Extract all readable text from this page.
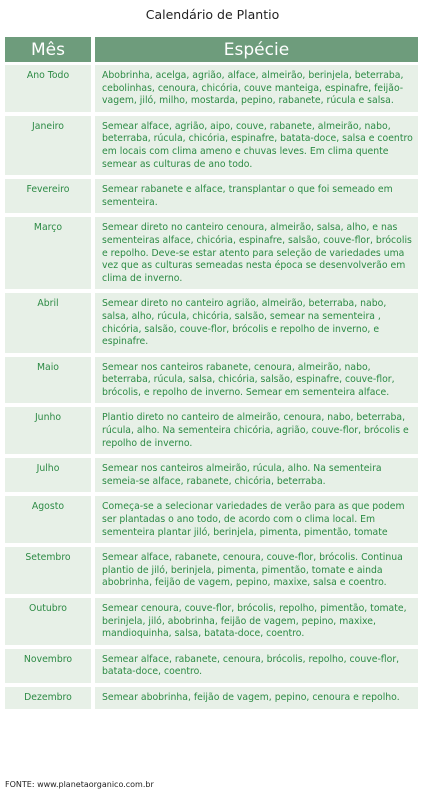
Calendário de Plantio
Mês	Espécie
Ano Todo	Abobrinha, acelga, agrião, alface, almeirão, berinjela, beterraba, cebolinhas, cenoura, chicória, couve manteiga, espinafre, feijão-vagem, jiló, milho, mostarda, pepino, rabanete, rúcula e salsa.
Janeiro	Semear alface, agrião, aipo, couve, rabanete, almeirão, nabo, beterraba, rúcula, chicória, espinafre, batata-doce, salsa e coentro em locais com clima ameno e chuvas leves. Em clima quente semear as culturas de ano todo.
Fevereiro	Semear rabanete e alface, transplantar o que foi semeado em sementeira.
Março	Semear direto no canteiro cenoura, almeirão, salsa, alho, e nas sementeiras alface, chicória, espinafre, salsão, couve-flor, brócolis e repolho. Deve-se estar atento para seleção de variedades uma vez que as culturas semeadas nesta época se desenvolverão em clima de inverno.
Abril	Semear direto no canteiro agrião, almeirão, beterraba, nabo, salsa, alho, rúcula, chicória, salsão, semear na sementeira , chicória, salsão, couve-flor, brócolis e repolho de inverno, e espinafre.
Maio	Semear nos canteiros rabanete, cenoura, almeirão, nabo, beterraba, rúcula, salsa, chicória, salsão, espinafre, couve-flor, brócolis, e repolho de inverno. Semear em sementeira alface.
Junho	Plantio direto no canteiro de almeirão, cenoura, nabo, beterraba, rúcula, alho. Na sementeira chicória, agrião, couve-flor, brócolis e repolho de inverno.
Julho	Semear nos canteiros almeirão, rúcula, alho. Na sementeira semeia-se alface, rabanete, chicória, beterraba.
Agosto	Começa-se a selecionar variedades de verão para as que podem ser plantadas o ano todo, de acordo com o clima local. Em sementeira plantar jiló, berinjela, pimenta, pimentão, tomate
Setembro	Semear alface, rabanete, cenoura, couve-flor, brócolis. Continua plantio de jiló, berinjela, pimenta, pimentão, tomate e ainda abobrinha, feijão de vagem, pepino, maxixe, salsa e coentro.
Outubro	Semear cenoura, couve-flor, brócolis, repolho, pimentão, tomate, berinjela, jiló, abobrinha, feijão de vagem, pepino, maxixe, mandioquinha, salsa, batata-doce, coentro.
Novembro	Semear alface, rabanete, cenoura, brócolis, repolho, couve-flor, batata-doce, coentro.
Dezembro	Semear abobrinha, feijão de vagem, pepino, cenoura e repolho.
FONTE: www.planetaorganico.com.br
